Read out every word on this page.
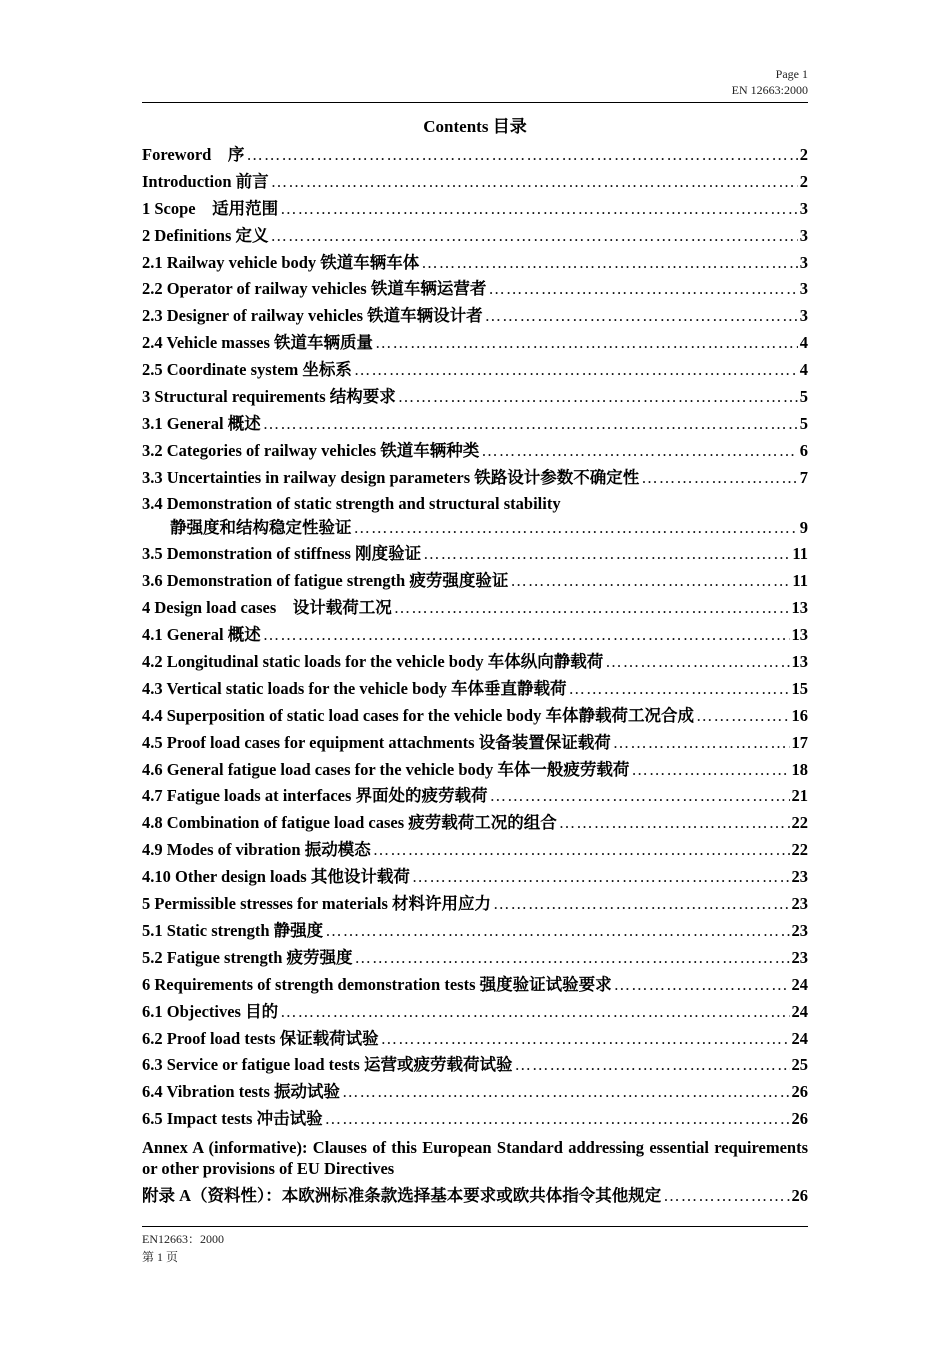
Page 1
EN 12663:2000
Contents 目录
Foreword　序 …………………………………………………………………………………………………………………………………………………………………………………………	2
Introduction 前言 …………………………………………………………………………………………………………………………………………………………………………………………	2
1 Scope　适用范围 …………………………………………………………………………………………………………………………………………………………………………………………	3
2 Definitions 定义 …………………………………………………………………………………………………………………………………………………………………………………………	3
2.1 Railway vehicle body 铁道车辆车体 …………………………………………………………………………………………………………………………………………………………………………………………	3
2.2 Operator of railway vehicles 铁道车辆运营者 …………………………………………………………………………………………………………………………………………………………………………………………	3
2.3 Designer of railway vehicles 铁道车辆设计者 …………………………………………………………………………………………………………………………………………………………………………………………	3
2.4 Vehicle masses 铁道车辆质量 …………………………………………………………………………………………………………………………………………………………………………………………	4
2.5 Coordinate system 坐标系 …………………………………………………………………………………………………………………………………………………………………………………………	4
3 Structural requirements 结构要求 …………………………………………………………………………………………………………………………………………………………………………………………	5
3.1 General 概述 …………………………………………………………………………………………………………………………………………………………………………………………	5
3.2 Categories of railway vehicles 铁道车辆种类 …………………………………………………………………………………………………………………………………………………………………………………………	6
3.3 Uncertainties in railway design parameters 铁路设计参数不确定性 …………………………………………………………………………………………………………………………………………………………………………………………	7
3.4 Demonstration of static strength and structural stability
静强度和结构稳定性验证 …………………………………………………………………………………………………………………………………………………………………………………………	9
3.5 Demonstration of stiffness 刚度验证 …………………………………………………………………………………………………………………………………………………………………………………………	11
3.6 Demonstration of fatigue strength 疲劳强度验证 …………………………………………………………………………………………………………………………………………………………………………………………	11
4 Design load cases　设计载荷工况 …………………………………………………………………………………………………………………………………………………………………………………………	13
4.1 General 概述 …………………………………………………………………………………………………………………………………………………………………………………………	13
4.2 Longitudinal static loads for the vehicle body 车体纵向静载荷 …………………………………………………………………………………………………………………………………………………………………………………………	13
4.3 Vertical static loads for the vehicle body 车体垂直静载荷 …………………………………………………………………………………………………………………………………………………………………………………………	15
4.4 Superposition of static load cases for the vehicle body 车体静载荷工况合成 …………………………………………………………………………………………………………………………………………………………………………………………	16
4.5 Proof load cases for equipment attachments 设备装置保证载荷 …………………………………………………………………………………………………………………………………………………………………………………………	17
4.6 General fatigue load cases for the vehicle body 车体一般疲劳载荷 …………………………………………………………………………………………………………………………………………………………………………………………	18
4.7 Fatigue loads at interfaces 界面处的疲劳载荷 …………………………………………………………………………………………………………………………………………………………………………………………	21
4.8 Combination of fatigue load cases 疲劳载荷工况的组合 …………………………………………………………………………………………………………………………………………………………………………………………	22
4.9 Modes of vibration 振动模态 …………………………………………………………………………………………………………………………………………………………………………………………	22
4.10 Other design loads 其他设计载荷 …………………………………………………………………………………………………………………………………………………………………………………………	23
5 Permissible stresses for materials 材料许用应力 …………………………………………………………………………………………………………………………………………………………………………………………	23
5.1 Static strength 静强度 …………………………………………………………………………………………………………………………………………………………………………………………	23
5.2 Fatigue strength 疲劳强度 …………………………………………………………………………………………………………………………………………………………………………………………	23
6 Requirements of strength demonstration tests 强度验证试验要求 …………………………………………………………………………………………………………………………………………………………………………………………	24
6.1 Objectives 目的 …………………………………………………………………………………………………………………………………………………………………………………………	24
6.2 Proof load tests 保证载荷试验 …………………………………………………………………………………………………………………………………………………………………………………………	24
6.3 Service or fatigue load tests 运营或疲劳载荷试验 …………………………………………………………………………………………………………………………………………………………………………………………	25
6.4 Vibration tests 振动试验 …………………………………………………………………………………………………………………………………………………………………………………………	26
6.5 Impact tests 冲击试验 …………………………………………………………………………………………………………………………………………………………………………………………	26
Annex A (informative): Clauses of this European Standard addressing essential requirements or other provisions of EU Directives
附录 A（资料性）：本欧洲标准条款选择基本要求或欧共体指令其他规定 …………………………………………………………………………………………………………………………………………………………………………………………	26
EN12663：2000
第 1 页
